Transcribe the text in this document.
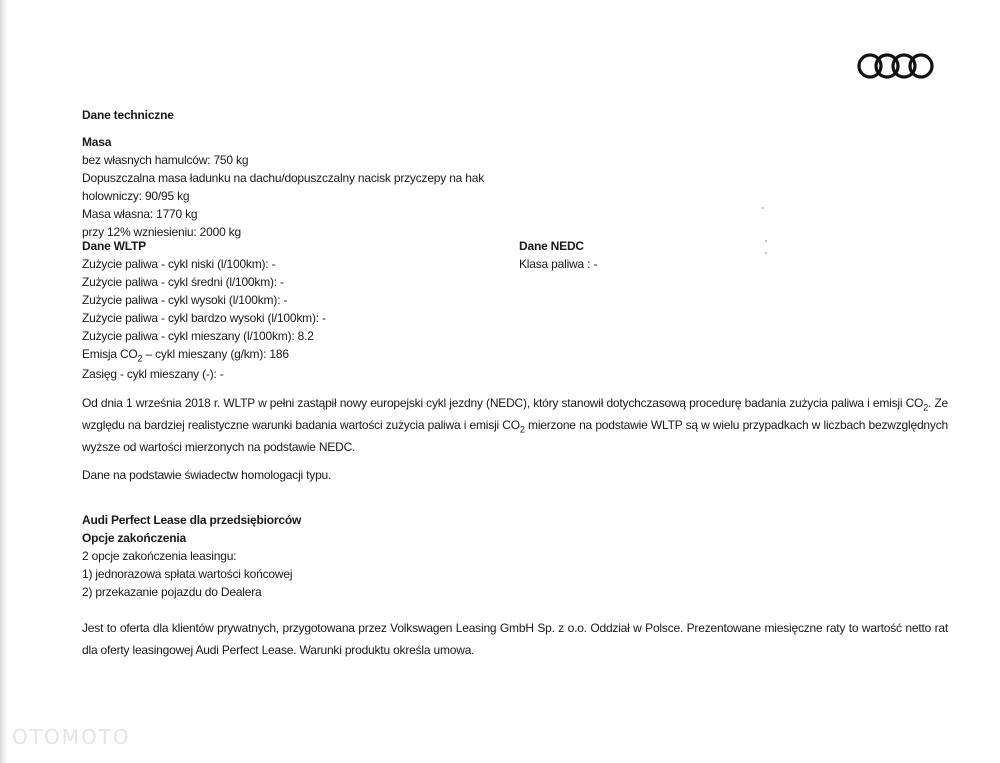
Dane techniczne
Masa
bez własnych hamulców: 750 kg
Dopuszczalna masa ładunku na dachu/dopuszczalny nacisk przyczepy na hak
holowniczy: 90/95 kg
Masa własna: 1770 kg
przy 12% wzniesieniu: 2000 kg
Dane WLTP
Zużycie paliwa - cykl niski (l/100km): -
Zużycie paliwa - cykl średni (l/100km): -
Zużycie paliwa - cykl wysoki (l/100km): -
Zużycie paliwa - cykl bardzo wysoki (l/100km): -
Zużycie paliwa - cykl mieszany (l/100km): 8.2
Emisja $CO_2$ – cykl mieszany (g/km): 186
Zasięg - cykl mieszany (-): -
Dane NEDC
Klasa paliwa : -
Od dnia 1 września 2018 r. WLTP w pełni zastąpił nowy europejski cykl jezdny (NEDC), który stanowił dotychczasową procedurę badania zużycia paliwa i emisji $CO_2$. Ze względu na bardziej realistyczne warunki badania wartości zużycia paliwa i emisji $CO_2$ mierzone na podstawie WLTP są w wielu przypadkach w liczbach bezwzględnych wyższe od wartości mierzonych na podstawie NEDC.
Dane na podstawie świadectw homologacji typu.
Audi Perfect Lease dla przedsiębiorców
Opcje zakończenia
2 opcje zakończenia leasingu:
1) jednorazowa spłata wartości końcowej
2) przekazanie pojazdu do Dealera
Jest to oferta dla klientów prywatnych, przygotowana przez Volkswagen Leasing GmbH Sp. z o.o. Oddział w Polsce. Prezentowane miesięczne raty to wartość netto rat dla oferty leasingowej Audi Perfect Lease. Warunki produktu określa umowa.
OTOMOTO
